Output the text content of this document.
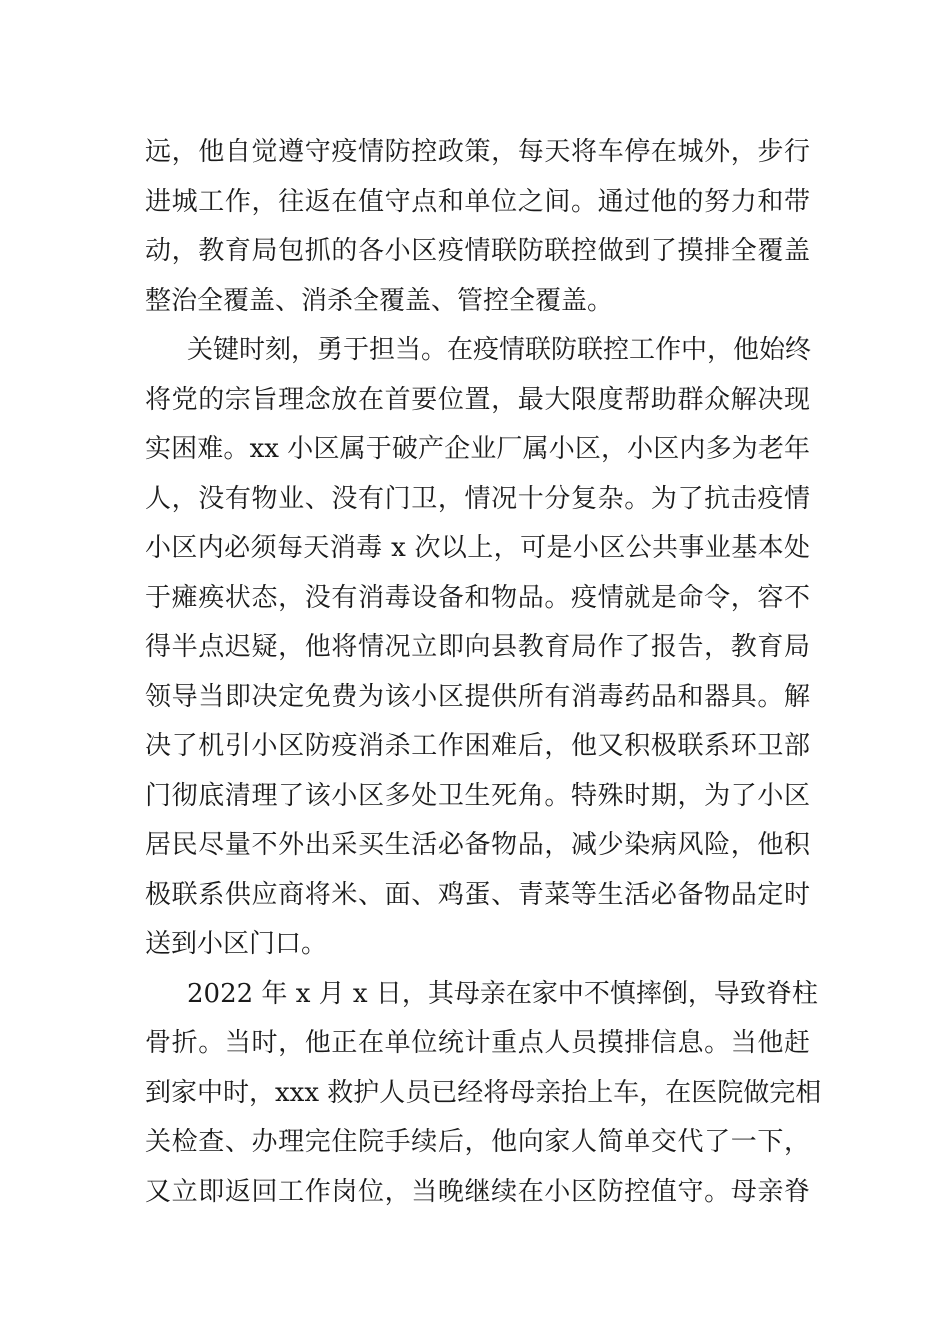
远，他自觉遵守疫情防控政策，每天将车停在城外，步行
进城工作，往返在值守点和单位之间。通过他的努力和带
动，教育局包抓的各小区疫情联防联控做到了摸排全覆盖
整治全覆盖、消杀全覆盖、管控全覆盖。
关键时刻，勇于担当。在疫情联防联控工作中，他始终
将党的宗旨理念放在首要位置，最大限度帮助群众解决现
实困难。xx 小区属于破产企业厂属小区，小区内多为老年
人，没有物业、没有门卫，情况十分复杂。为了抗击疫情
小区内必须每天消毒 x 次以上，可是小区公共事业基本处
于瘫痪状态，没有消毒设备和物品。疫情就是命令，容不
得半点迟疑，他将情况立即向县教育局作了报告，教育局
领导当即决定免费为该小区提供所有消毒药品和器具。解
决了机引小区防疫消杀工作困难后，他又积极联系环卫部
门彻底清理了该小区多处卫生死角。特殊时期，为了小区
居民尽量不外出采买生活必备物品，减少染病风险，他积
极联系供应商将米、面、鸡蛋、青菜等生活必备物品定时
送到小区门口。
2022 年 x 月 x 日，其母亲在家中不慎摔倒，导致脊柱
骨折。当时，他正在单位统计重点人员摸排信息。当他赶
到家中时，xxx 救护人员已经将母亲抬上车，在医院做完相
关检查、办理完住院手续后，他向家人简单交代了一下，
又立即返回工作岗位，当晚继续在小区防控值守。母亲脊
